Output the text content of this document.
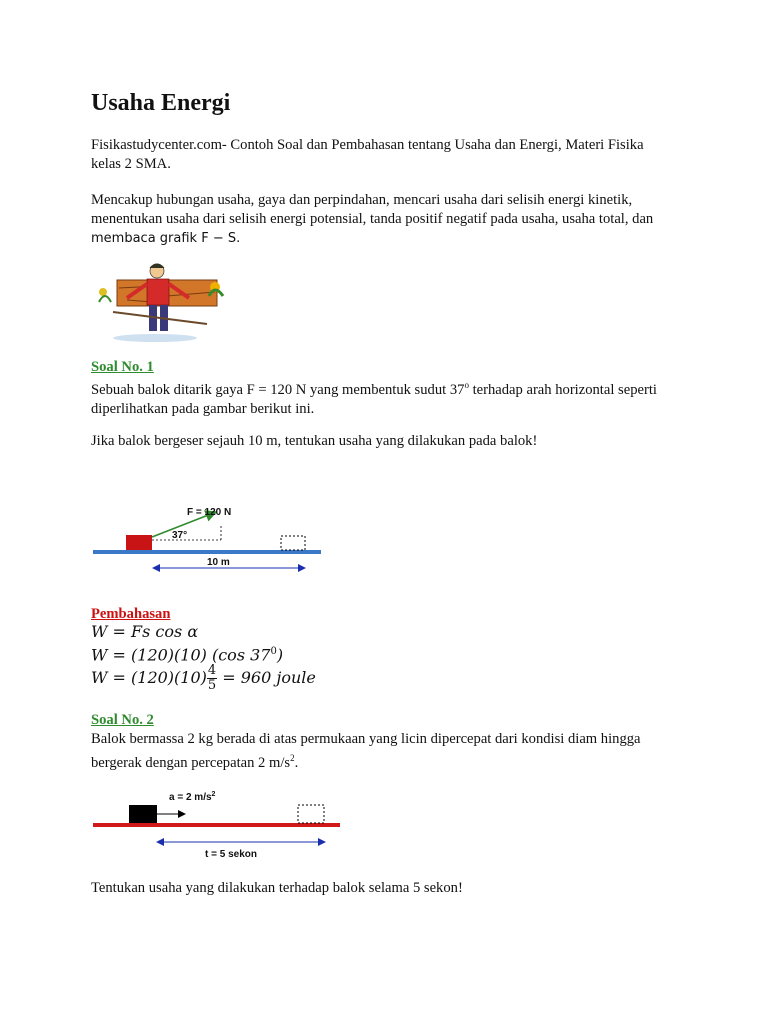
Usaha Energi

Fisikastudycenter.com- Contoh Soal dan Pembahasan tentang Usaha dan Energi, Materi Fisika
kelas 2 SMA.

Mencakup hubungan usaha, gaya dan perpindahan, mencari usaha dari selisih energi kinetik,
menentukan usaha dari selisih energi potensial, tanda positif negatif pada usaha, usaha total, dan
membaca grafik F − S.

Soal No. 1

Sebuah balok ditarik gaya F = 120 N yang membentuk sudut 37$^o$ terhadap arah horizontal seperti
diperlihatkan pada gambar berikut ini.

Jika balok bergeser sejauh 10 m, tentukan usaha yang dilakukan pada balok!

F = 120 N
37°
10 m

Pembahasan

W = Fs cos α
W = (120)(10) (cos $37^0$)
$W = (120)(10) \frac{4}{5} = 960$ joule

Soal No. 2

Balok bermassa 2 kg berada di atas permukaan yang licin dipercepat dari kondisi diam hingga
bergerak dengan percepatan 2 $m/s^2$.

a = 2 $m/s^2$
t = 5 sekon

Tentukan usaha yang dilakukan terhadap balok selama 5 sekon!
